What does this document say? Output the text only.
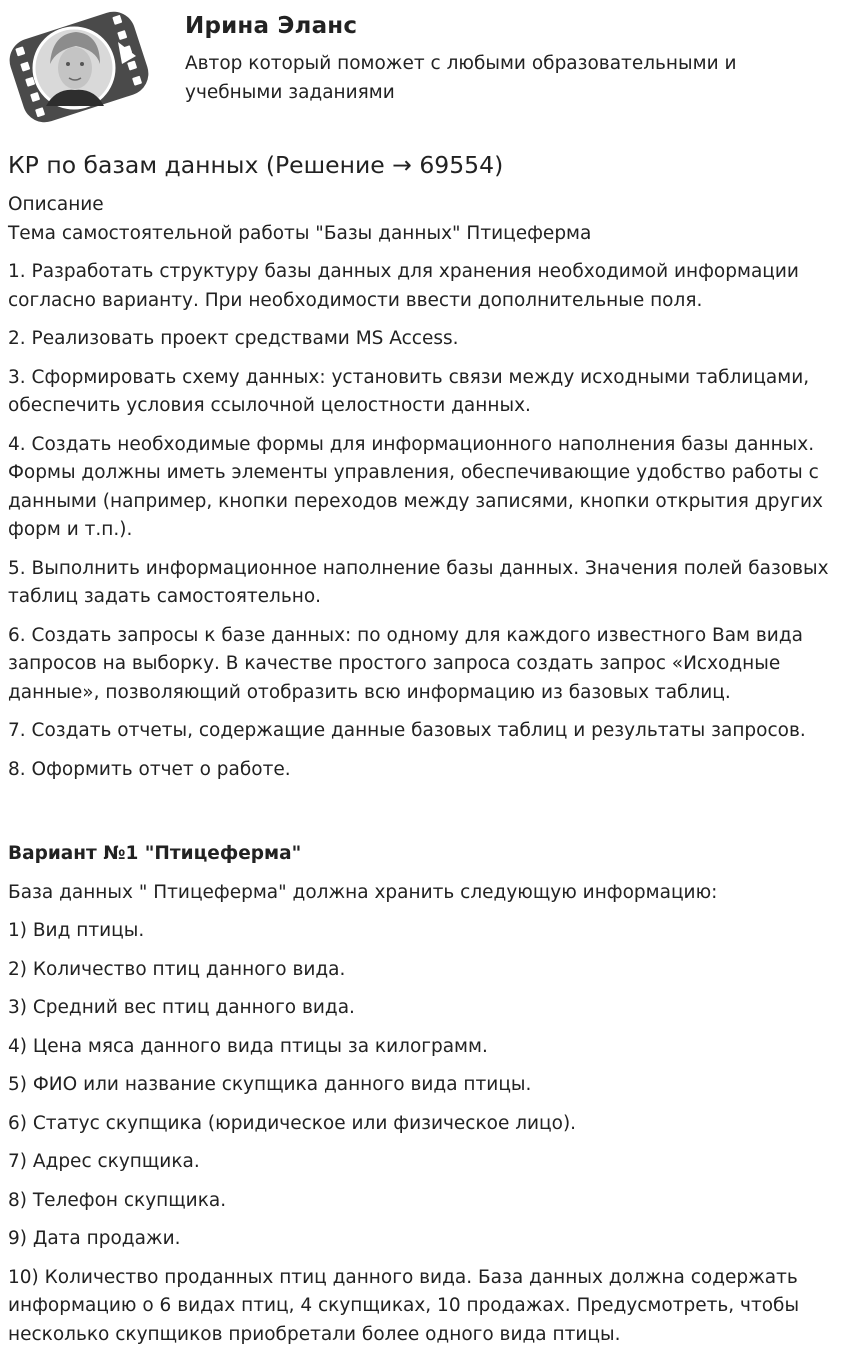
Ирина Эланс
Автор который поможет с любыми образовательными и учебными заданиями
КР по базам данных (Решение → 69554)

Описание

Тема самостоятельной работы "Базы данных" Птицеферма

1. Разработать структуру базы данных для хранения необходимой информации согласно варианту. При необходимости ввести дополнительные поля.

2. Реализовать проект средствами MS Access.

3. Сформировать схему данных: установить связи между исходными таблицами, обеспечить условия ссылочной целостности данных.

4. Создать необходимые формы для информационного наполнения базы данных. Формы должны иметь элементы управления, обеспечивающие удобство работы с данными (например, кнопки переходов между записями, кнопки открытия других форм и т.п.).

5. Выполнить информационное наполнение базы данных. Значения полей базовых таблиц задать самостоятельно.

6. Создать запросы к базе данных: по одному для каждого известного Вам вида запросов на выборку. В качестве простого запроса создать запрос «Исходные данные», позволяющий отобразить всю информацию из базовых таблиц.

7. Создать отчеты, содержащие данные базовых таблиц и результаты запросов.

8. Оформить отчет о работе.

Вариант №1 "Птицеферма"

База данных " Птицеферма" должна хранить следующую информацию:

1) Вид птицы.

2) Количество птиц данного вида.

3) Средний вес птиц данного вида.

4) Цена мяса данного вида птицы за килограмм.

5) ФИО или название скупщика данного вида птицы.

6) Статус скупщика (юридическое или физическое лицо).

7) Адрес скупщика.

8) Телефон скупщика.

9) Дата продажи.

10) Количество проданных птиц данного вида. База данных должна содержать информацию о 6 видах птиц, 4 скупщиках, 10 продажах. Предусмотреть, чтобы несколько скупщиков приобретали более одного вида птицы.
